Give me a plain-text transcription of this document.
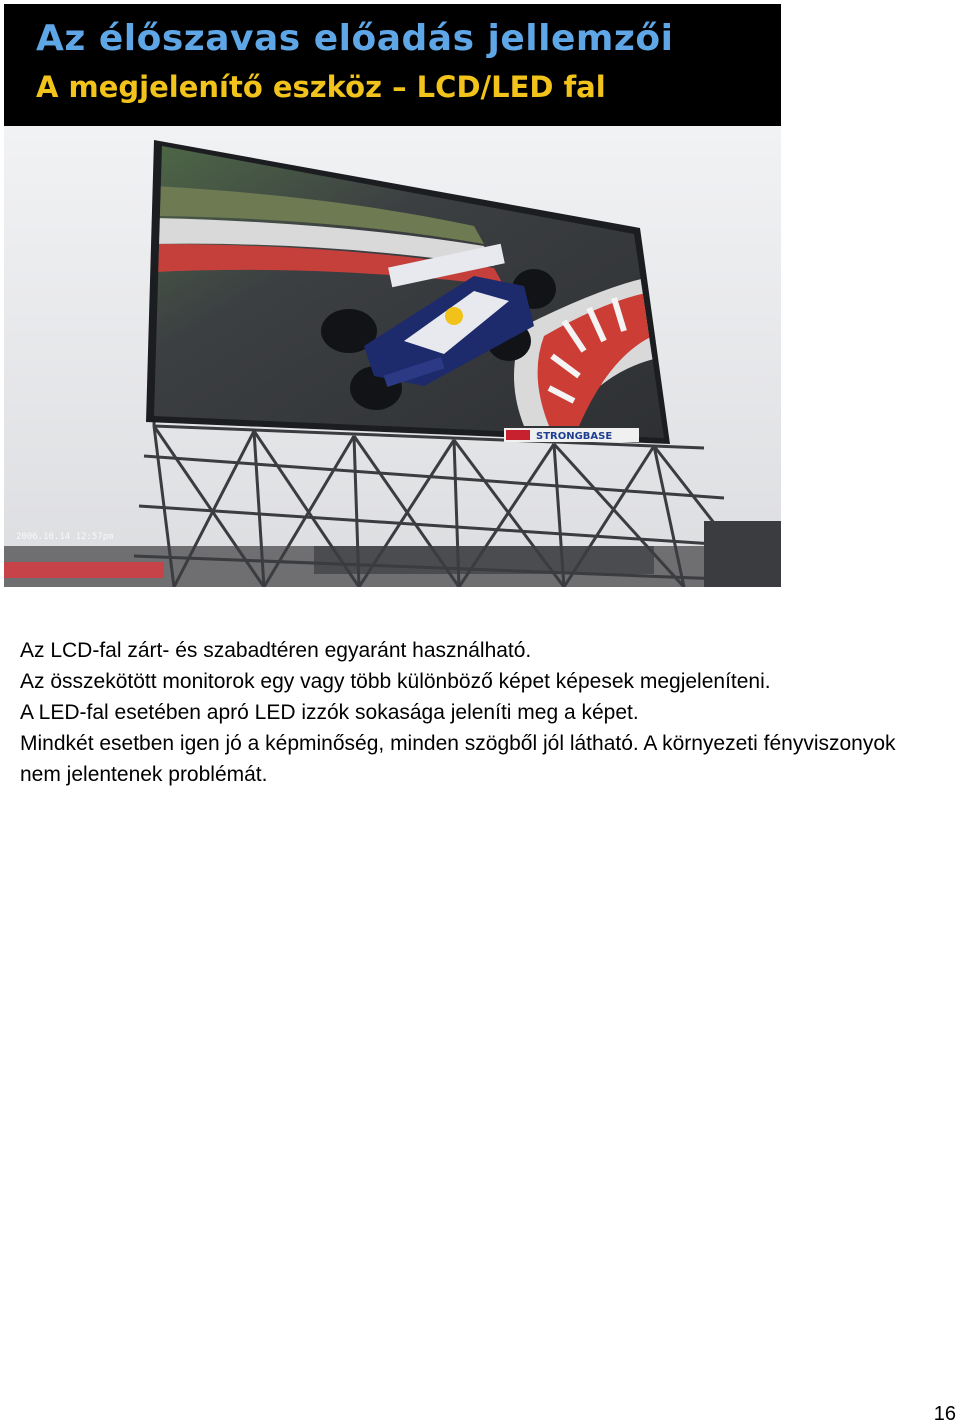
Az élőszavas előadás jellemzői
A megjelenítő eszköz – LCD/LED fal
STRONGBASE
2006.10.14 12:57pm

Az LCD-fal zárt- és szabadtéren egyaránt használható.

Az összekötött monitorok egy vagy több különböző képet képesek megjeleníteni.

A LED-fal esetében apró LED izzók sokasága jeleníti meg a képet.

Mindkét esetben igen jó a képminőség, minden szögből jól látható. A környezeti fényviszonyok nem jelentenek problémát.

16
